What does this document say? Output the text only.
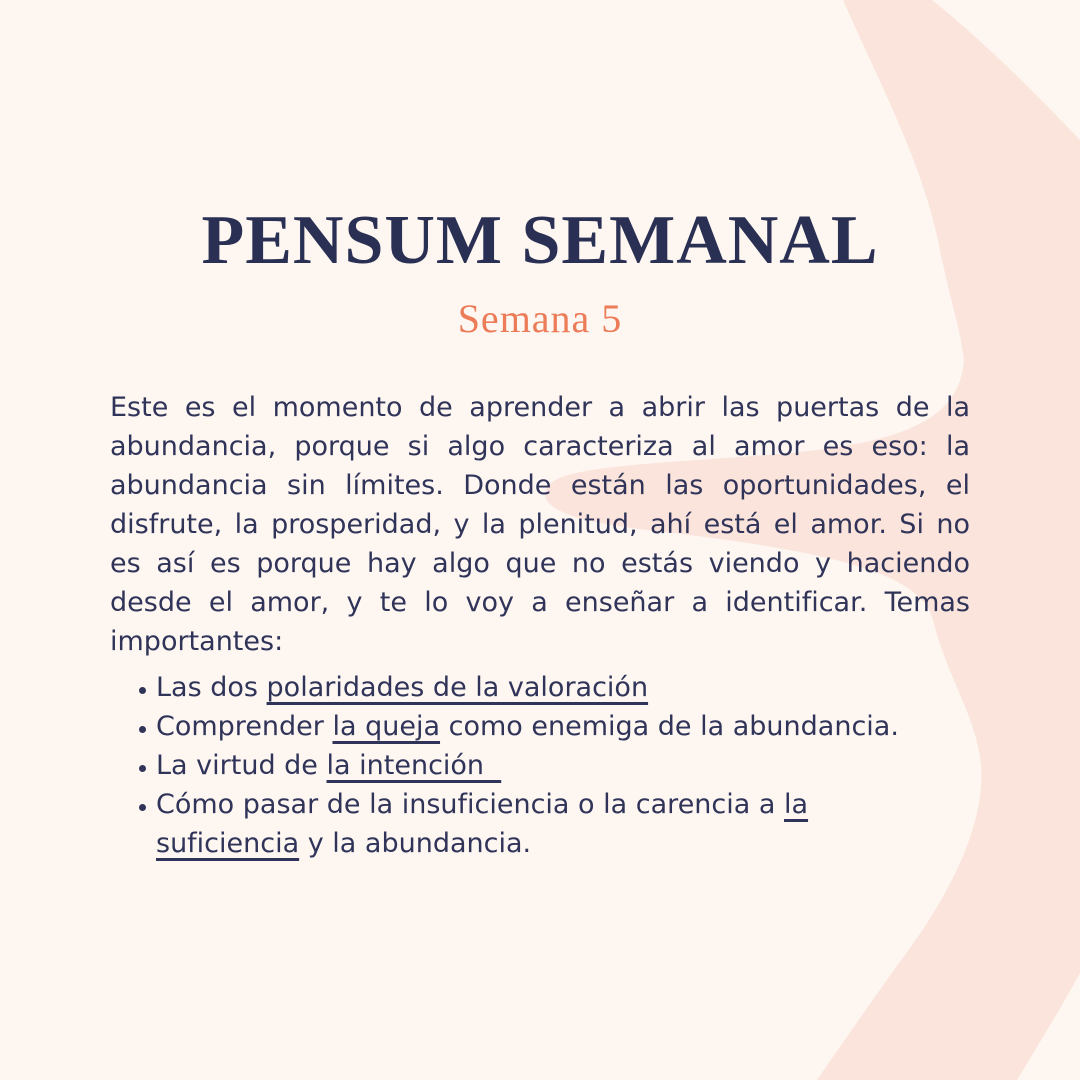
PENSUM SEMANAL
Semana 5
Este es el momento de aprender a abrir las puertas de la
abundancia, porque si algo caracteriza al amor es eso: la
abundancia sin límites. Donde están las oportunidades, el
disfrute, la prosperidad, y la plenitud, ahí está el amor. Si no
es así es porque hay algo que no estás viendo y haciendo
desde el amor, y te lo voy a enseñar a identificar. Temas
importantes:
Las dos polaridades de la valoración
Comprender la queja como enemiga de la abundancia.
La virtud de la intención
Cómo pasar de la insuficiencia o la carencia a la
suficiencia y la abundancia.
